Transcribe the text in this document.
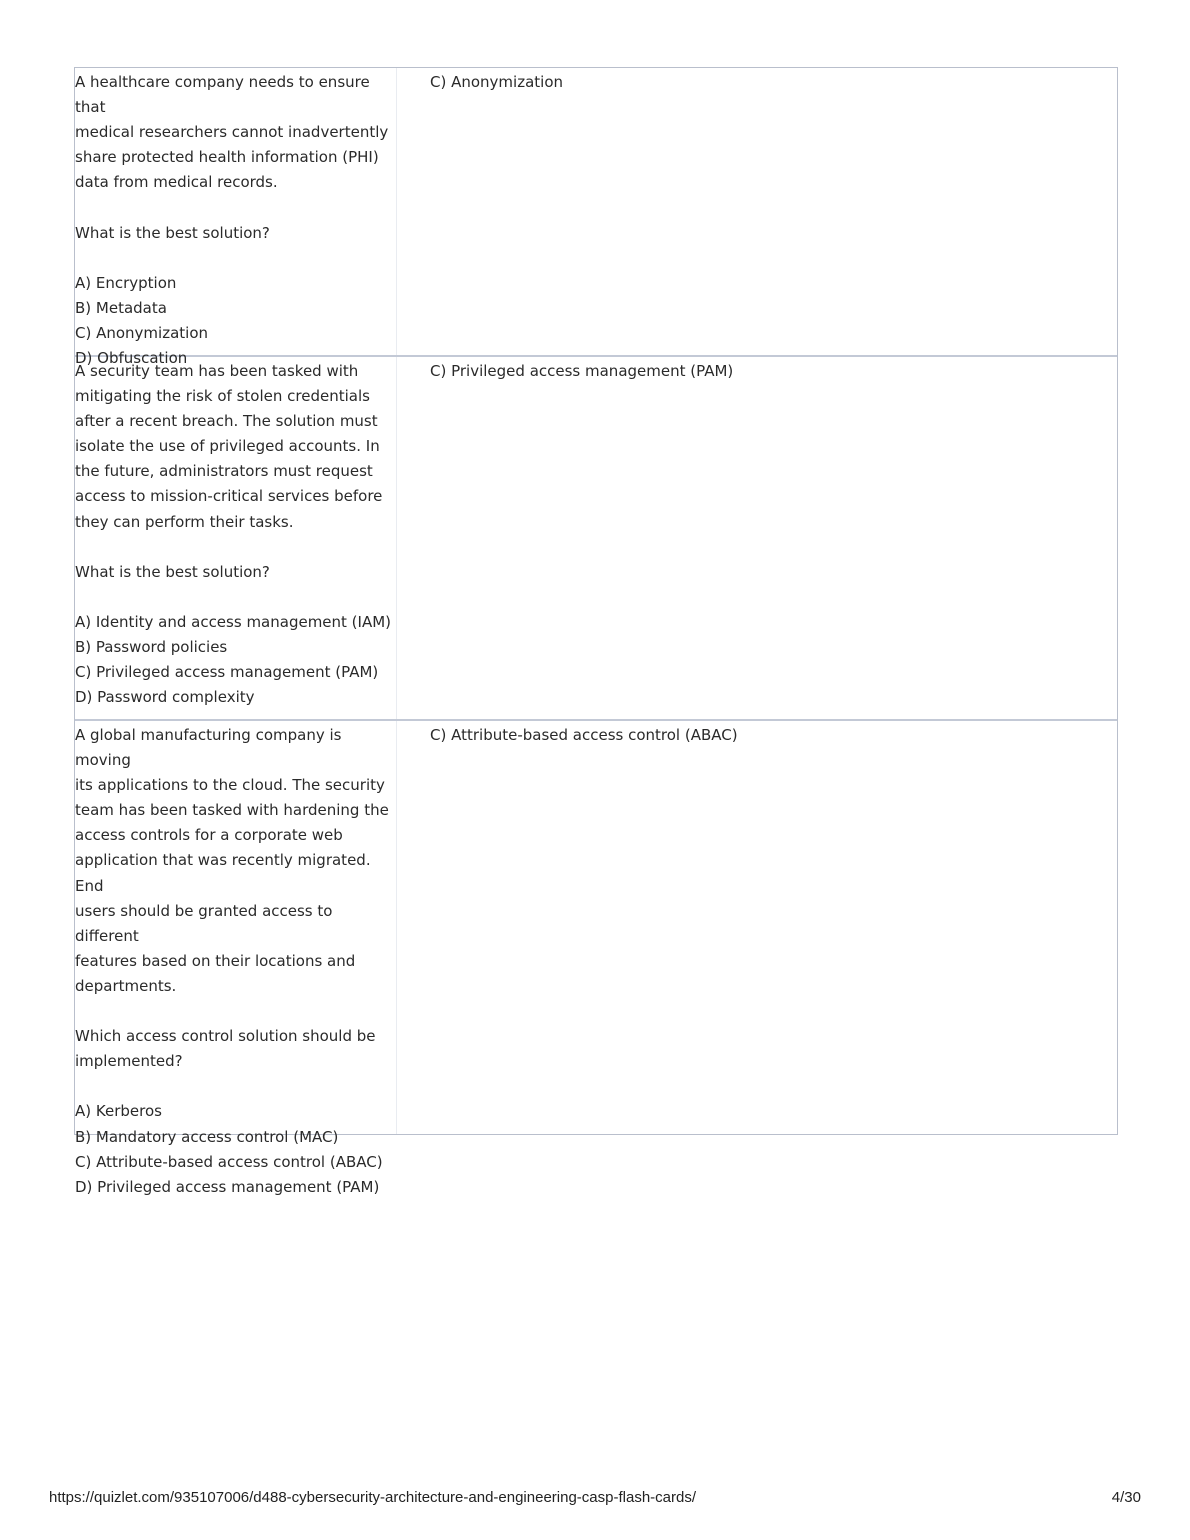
A healthcare company needs to ensure that
medical researchers cannot inadvertently
share protected health information (PHI)
data from medical records.

What is the best solution?

A) Encryption
B) Metadata
C) Anonymization
D) Obfuscation
C) Anonymization
A security team has been tasked with
mitigating the risk of stolen credentials
after a recent breach. The solution must
isolate the use of privileged accounts. In
the future, administrators must request
access to mission-critical services before
they can perform their tasks.

What is the best solution?

A) Identity and access management (IAM)
B) Password policies
C) Privileged access management (PAM)
D) Password complexity
C) Privileged access management (PAM)
A global manufacturing company is moving
its applications to the cloud. The security
team has been tasked with hardening the
access controls for a corporate web
application that was recently migrated. End
users should be granted access to different
features based on their locations and
departments.

Which access control solution should be
implemented?

A) Kerberos
B) Mandatory access control (MAC)
C) Attribute-based access control (ABAC)
D) Privileged access management (PAM)
C) Attribute-based access control (ABAC)
https://quizlet.com/935107006/d488-cybersecurity-architecture-and-engineering-casp-flash-cards/	4/30
